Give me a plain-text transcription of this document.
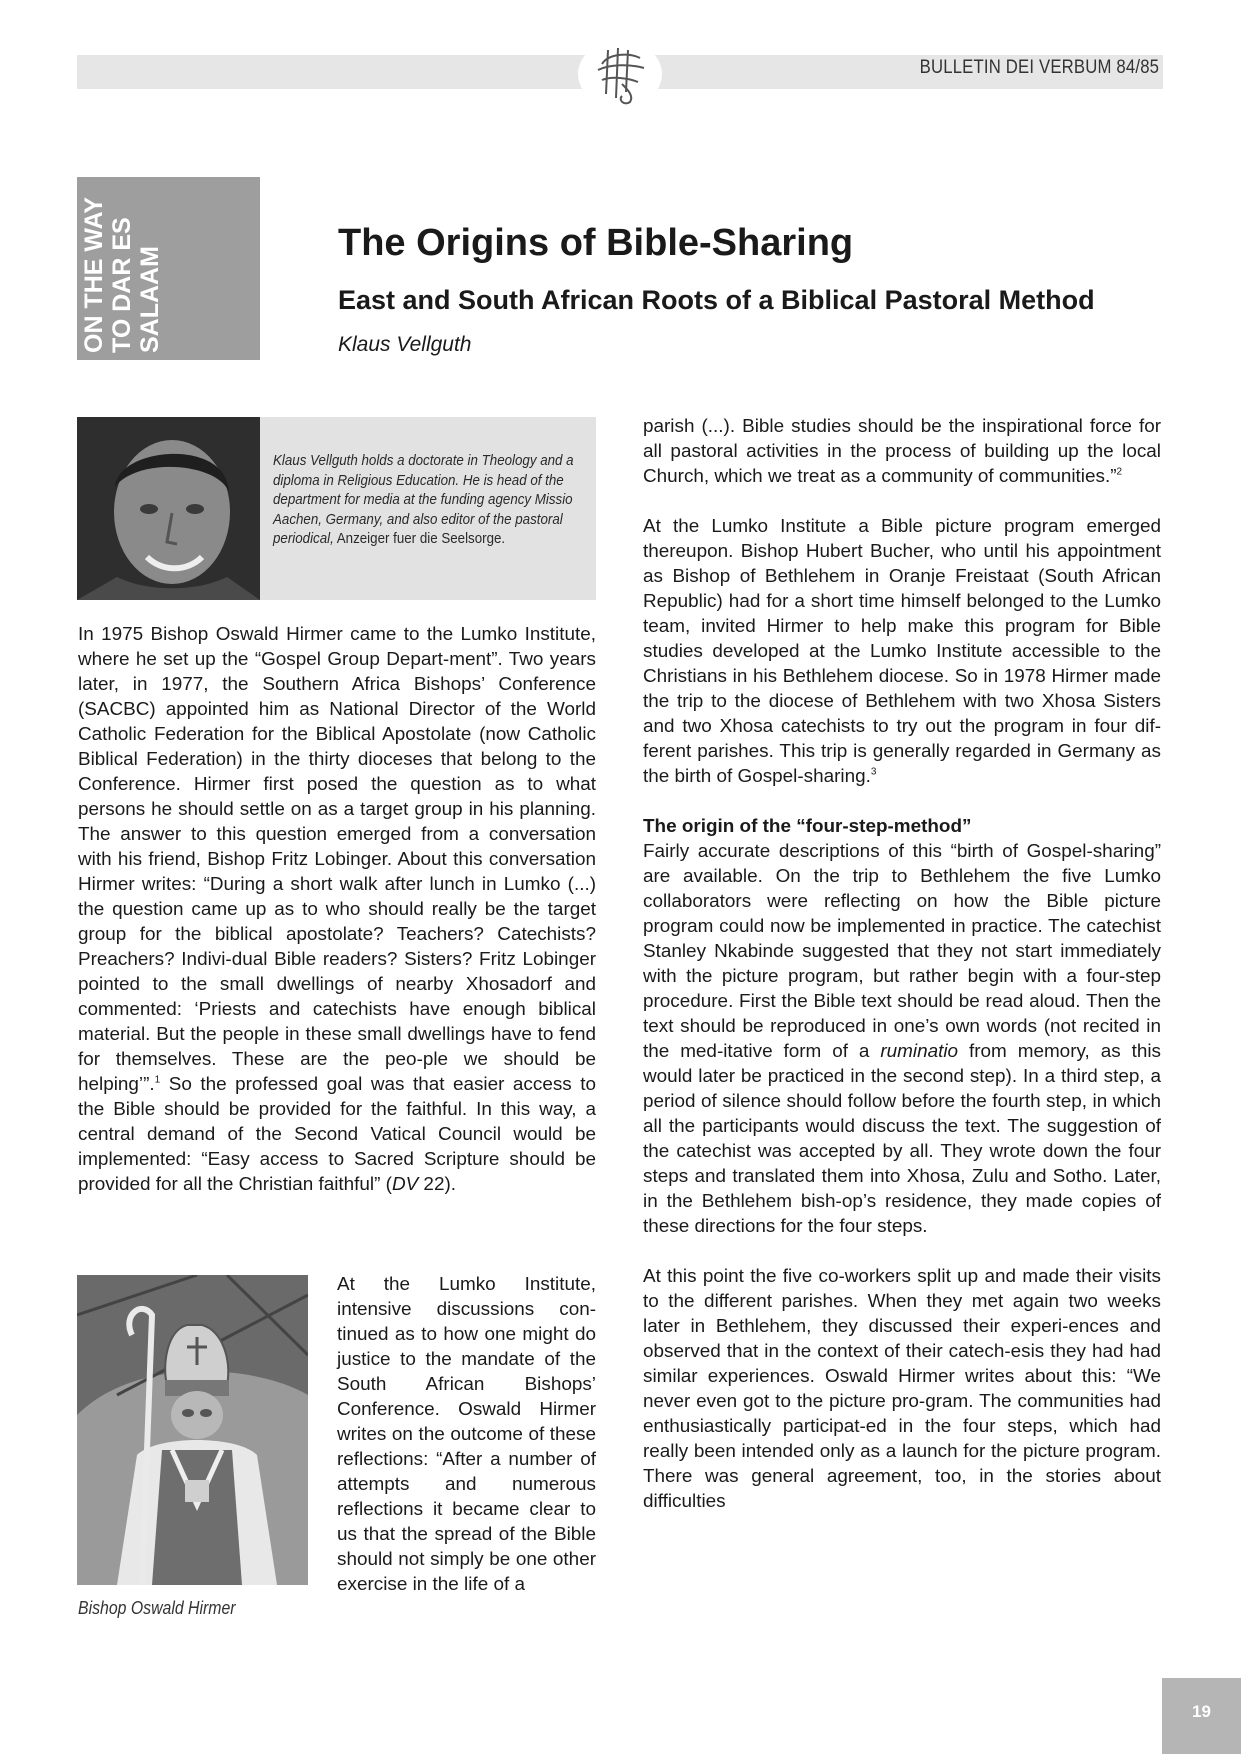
BULLETIN DEI VERBUM 84/85
ON THE WAY TO DAR ES SALAAM
The Origins of Bible-Sharing
East and South African Roots of a Biblical Pastoral Method

Klaus Vellguth

Klaus Vellguth holds a doctorate in Theology and a diploma in Religious Education. He is head of the department for media at the funding agency Missio Aachen, Germany, and also editor of the pastoral periodical, Anzeiger fuer die Seelsorge.

In 1975 Bishop Oswald Hirmer came to the Lumko Institute, where he set up the “Gospel Group Depart-ment”. Two years later, in 1977, the Southern Africa Bishops’ Conference (SACBC) appointed him as National Director of the World Catholic Federation for the Biblical Apostolate (now Catholic Biblical Federation) in the thirty dioceses that belong to the Conference. Hirmer first posed the question as to what persons he should settle on as a target group in his planning. The answer to this question emerged from a conversation with his friend, Bishop Fritz Lobinger. About this conversation Hirmer writes: “During a short walk after lunch in Lumko (...) the question came up as to who should really be the target group for the biblical apostolate? Teachers? Catechists? Preachers? Indivi-dual Bible readers? Sisters? Fritz Lobinger pointed to the small dwellings of nearby Xhosadorf and commented: ‘Priests and catechists have enough biblical material. But the people in these small dwellings have to fend for themselves. These are the peo-ple we should be helping’”.$^1$ So the professed goal was that easier access to the Bible should be provided for the faithful. In this way, a central demand of the Second Vatical Council would be implemented: “Easy access to Sacred Scripture should be provided for all the Christian faithful” (DV 22).

Bishop Oswald Hirmer

At the Lumko Institute, intensive discussions con-tinued as to how one might do justice to the mandate of the South African Bishops’ Conference. Oswald Hirmer writes on the outcome of these reflections: “After a number of attempts and numerous reflections it became clear to us that the spread of the Bible should not simply be one other exercise in the life of a

parish (...). Bible studies should be the inspirational force for all pastoral activities in the process of building up the local Church, which we treat as a community of communities.”$^2$

At the Lumko Institute a Bible picture program emerged thereupon. Bishop Hubert Bucher, who until his appointment as Bishop of Bethlehem in Oranje Freistaat (South African Republic) had for a short time himself belonged to the Lumko team, invited Hirmer to help make this program for Bible studies developed at the Lumko Institute accessible to the Christians in his Bethlehem diocese. So in 1978 Hirmer made the trip to the diocese of Bethlehem with two Xhosa Sisters and two Xhosa catechists to try out the program in four dif-ferent parishes. This trip is generally regarded in Germany as the birth of Gospel-sharing.$^3$

The origin of the “four-step-method”

Fairly accurate descriptions of this “birth of Gospel-sharing” are available. On the trip to Bethlehem the five Lumko collaborators were reflecting on how the Bible picture program could now be implemented in practice. The catechist Stanley Nkabinde suggested that they not start immediately with the picture program, but rather begin with a four-step procedure. First the Bible text should be read aloud. Then the text should be reproduced in one’s own words (not recited in the med-itative form of a ruminatio from memory, as this would later be practiced in the second step). In a third step, a period of silence should follow before the fourth step, in which all the participants would discuss the text. The suggestion of the catechist was accepted by all. They wrote down the four steps and translated them into Xhosa, Zulu and Sotho. Later, in the Bethlehem bish-op’s residence, they made copies of these directions for the four steps.

At this point the five co-workers split up and made their visits to the different parishes. When they met again two weeks later in Bethlehem, they discussed their experi-ences and observed that in the context of their catech-esis they had had similar experiences. Oswald Hirmer writes about this: “We never even got to the picture pro-gram. The communities had enthusiastically participat-ed in the four steps, which had really been intended only as a launch for the picture program. There was general agreement, too, in the stories about difficulties

19
